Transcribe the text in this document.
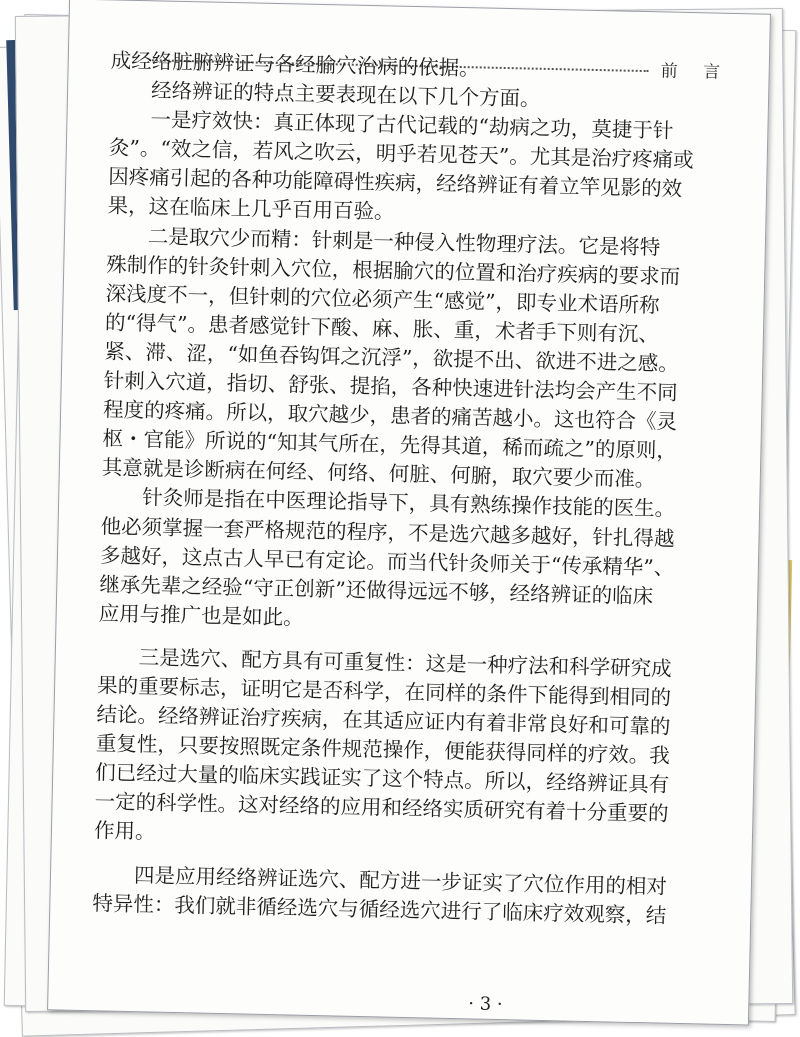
前 言
成经络脏腑辨证与各经腧穴治病的依据。
经络辨证的特点主要表现在以下几个方面。
一是疗效快：真正体现了古代记载的“劫病之功，莫捷于针
灸”。“效之信，若风之吹云，明乎若见苍天”。尤其是治疗疼痛或
因疼痛引起的各种功能障碍性疾病，经络辨证有着立竿见影的效
果，这在临床上几乎百用百验。
二是取穴少而精：针刺是一种侵入性物理疗法。它是将特
殊制作的针灸针刺入穴位，根据腧穴的位置和治疗疾病的要求而
深浅度不一，但针刺的穴位必须产生“感觉”，即专业术语所称
的“得气”。患者感觉针下酸、麻、胀、重，术者手下则有沉、
紧、滞、涩，“如鱼吞钩饵之沉浮”，欲提不出、欲进不进之感。
针刺入穴道，指切、舒张、提掐，各种快速进针法均会产生不同
程度的疼痛。所以，取穴越少，患者的痛苦越小。这也符合《灵
枢・官能》所说的“知其气所在，先得其道，稀而疏之”的原则，
其意就是诊断病在何经、何络、何脏、何腑，取穴要少而准。
针灸师是指在中医理论指导下，具有熟练操作技能的医生。
他必须掌握一套严格规范的程序，不是选穴越多越好，针扎得越
多越好，这点古人早已有定论。而当代针灸师关于“传承精华”、
继承先辈之经验“守正创新”还做得远远不够，经络辨证的临床
应用与推广也是如此。
三是选穴、配方具有可重复性：这是一种疗法和科学研究成
果的重要标志，证明它是否科学，在同样的条件下能得到相同的
结论。经络辨证治疗疾病，在其适应证内有着非常良好和可靠的
重复性，只要按照既定条件规范操作，便能获得同样的疗效。我
们已经过大量的临床实践证实了这个特点。所以，经络辨证具有
一定的科学性。这对经络的应用和经络实质研究有着十分重要的
作用。
四是应用经络辨证选穴、配方进一步证实了穴位作用的相对
特异性：我们就非循经选穴与循经选穴进行了临床疗效观察，结
· 3 ·
